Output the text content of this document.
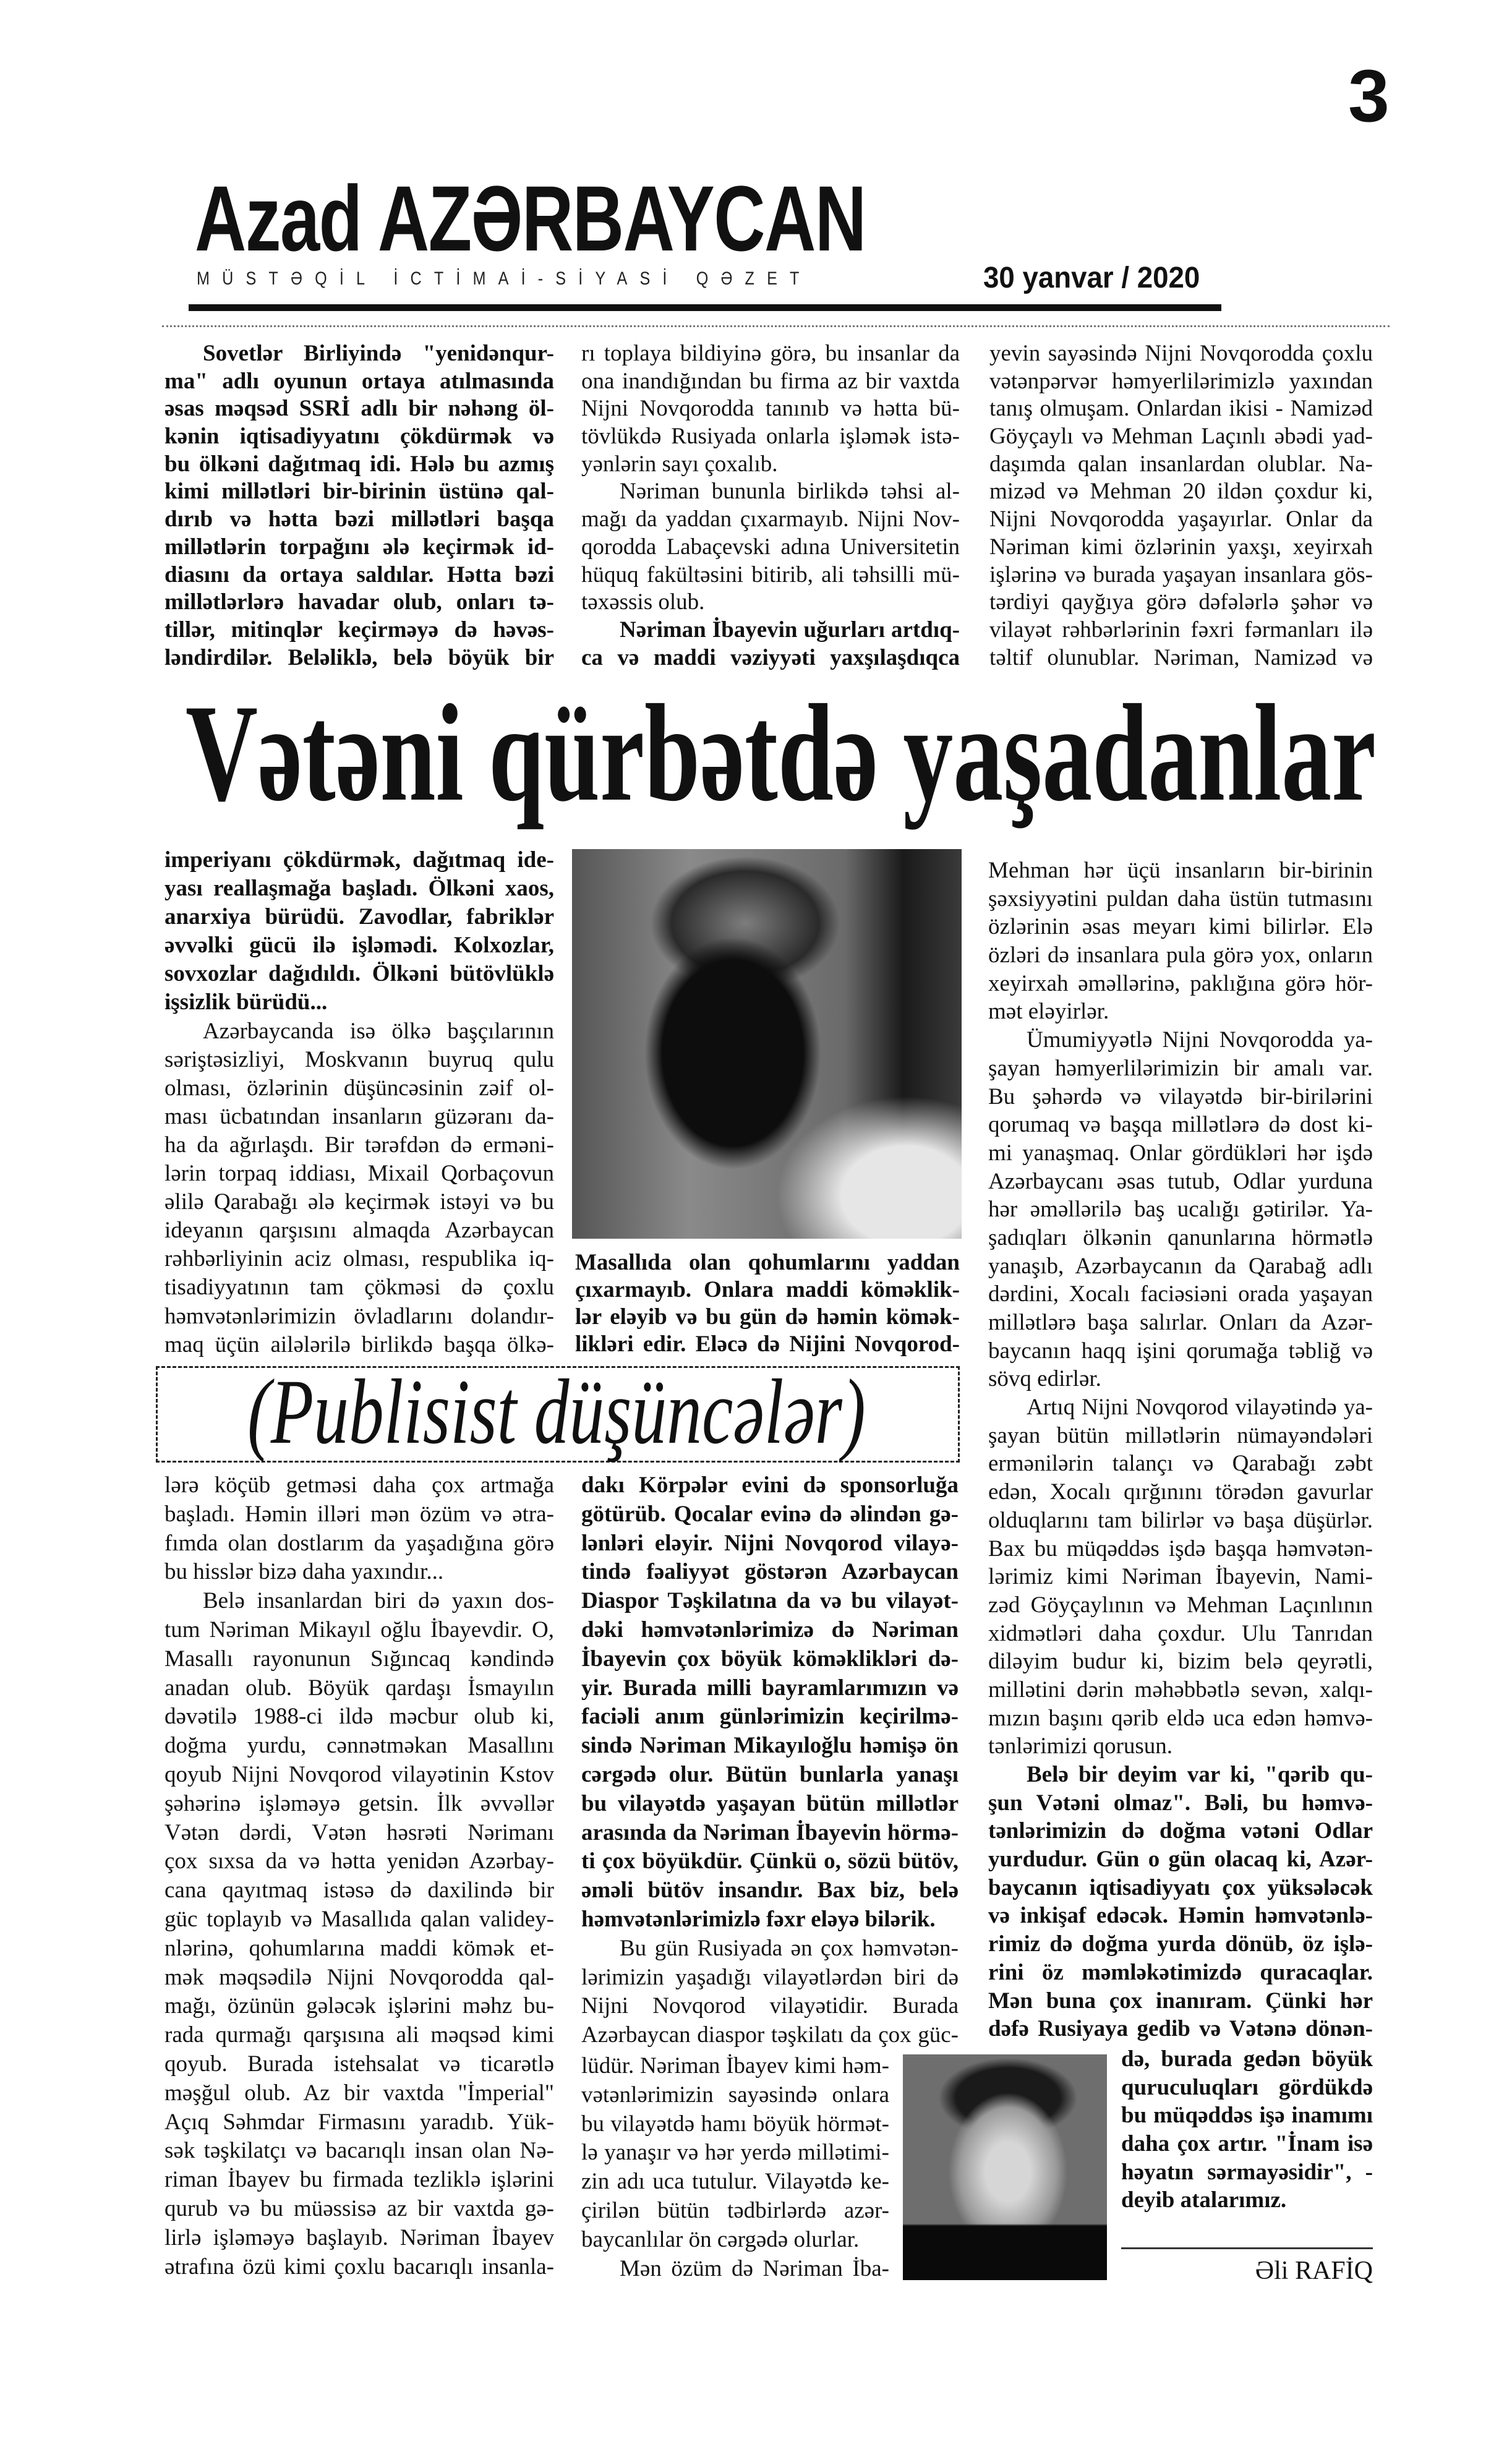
3
Azad AZƏRBAYCAN
MÜSTƏQİL İCTİMAİ-SİYASİ QƏZET	30 yanvar / 2020
Sovetlər Birliyində "yenidənqur-
ma" adlı oyunun ortaya atılmasında
əsas məqsəd SSRİ adlı bir nəhəng öl-
kənin iqtisadiyyatını çökdürmək və
bu ölkəni dağıtmaq idi. Hələ bu azmış
kimi millətləri bir-birinin üstünə qal-
dırıb və hətta bəzi millətləri başqa
millətlərin torpağını ələ keçirmək id-
diasını da ortaya saldılar. Hətta bəzi
millətlərlərə havadar olub, onları tə-
tillər, mitinqlər keçirməyə də həvəs-
ləndirdilər. Beləliklə, belə böyük bir
rı toplaya bildiyinə görə, bu insanlar da
ona inandığından bu firma az bir vaxtda
Nijni Novqorodda tanınıb və hətta bü-
tövlükdə Rusiyada onlarla işləmək istə-
yənlərin sayı çoxalıb.
Nəriman bununla birlikdə təhsi al-
mağı da yaddan çıxarmayıb. Nijni Nov-
qorodda Labaçevski adına Universitetin
hüquq fakültəsini bitirib, ali təhsilli mü-
təxəssis olub.
Nəriman İbayevin uğurları artdıq-
ca və maddi vəziyyəti yaxşılaşdıqca
yevin sayəsində Nijni Novqorodda çoxlu
vətənpərvər həmyerlilərimizlə yaxından
tanış olmuşam. Onlardan ikisi - Namizəd
Göyçaylı və Mehman Laçınlı əbədi yad-
daşımda qalan insanlardan olublar. Na-
mizəd və Mehman 20 ildən çoxdur ki,
Nijni Novqorodda yaşayırlar. Onlar da
Nəriman kimi özlərinin yaxşı, xeyirxah
işlərinə və burada yaşayan insanlara gös-
tərdiyi qayğıya görə dəfələrlə şəhər və
vilayət rəhbərlərinin fəxri fərmanları ilə
təltif olunublar. Nəriman, Namizəd və
Vətəni qürbətdə yaşadanlar
imperiyanı çökdürmək, dağıtmaq ide-
yası reallaşmağa başladı. Ölkəni xaos,
anarxiya bürüdü. Zavodlar, fabriklər
əvvəlki gücü ilə işləmədi. Kolxozlar,
sovxozlar dağıdıldı. Ölkəni bütövlüklə
işsizlik bürüdü...
Azərbaycanda isə ölkə başçılarının
səriştəsizliyi, Moskvanın buyruq qulu
olması, özlərinin düşüncəsinin zəif ol-
ması ücbatından insanların güzəranı da-
ha da ağırlaşdı. Bir tərəfdən də erməni-
lərin torpaq iddiası, Mixail Qorbaçovun
əlilə Qarabağı ələ keçirmək istəyi və bu
ideyanın qarşısını almaqda Azərbaycan
rəhbərliyinin aciz olması, respublika iq-
tisadiyyatının tam çökməsi də çoxlu
həmvətənlərimizin övladlarını dolandır-
maq üçün ailələrilə birlikdə başqa ölkə-
Masallıda olan qohumlarını yaddan
çıxarmayıb. Onlara maddi köməklik-
lər eləyib və bu gün də həmin kömək-
likləri edir. Eləcə də Nijini Novqorod-
Mehman hər üçü insanların bir-birinin
şəxsiyyətini puldan daha üstün tutmasını
özlərinin əsas meyarı kimi bilirlər. Elə
özləri də insanlara pula görə yox, onların
xeyirxah əməllərinə, paklığına görə hör-
mət eləyirlər.
Ümumiyyətlə Nijni Novqorodda ya-
şayan həmyerlilərimizin bir amalı var.
Bu şəhərdə və vilayətdə bir-birilərini
qorumaq və başqa millətlərə də dost ki-
mi yanaşmaq. Onlar gördükləri hər işdə
Azərbaycanı əsas tutub, Odlar yurduna
hər əməllərilə baş ucalığı gətirilər. Ya-
şadıqları ölkənin qanunlarına hörmətlə
yanaşıb, Azərbaycanın da Qarabağ adlı
dərdini, Xocalı faciəsiəni orada yaşayan
millətlərə başa salırlar. Onları da Azər-
baycanın haqq işini qorumağa təbliğ və
sövq edirlər.
Artıq Nijni Novqorod vilayətində ya-
şayan bütün millətlərin nümayəndələri
ermənilərin talançı və Qarabağı zəbt
edən, Xocalı qırğınını törədən gavurlar
olduqlarını tam bilirlər və başa düşürlər.
Bax bu müqəddəs işdə başqa həmvətən-
lərimiz kimi Nəriman İbayevin, Nami-
zəd Göyçaylının və Mehman Laçınlının
xidmətləri daha çoxdur. Ulu Tanrıdan
diləyim budur ki, bizim belə qeyrətli,
millətini dərin məhəbbətlə sevən, xalqı-
mızın başını qərib eldə uca edən həmvə-
tənlərimizi qorusun.
Belə bir deyim var ki, "qərib qu-
şun Vətəni olmaz". Bəli, bu həmvə-
tənlərimizin də doğma vətəni Odlar
yurdudur. Gün o gün olacaq ki, Azər-
baycanın iqtisadiyyatı çox yüksələcək
və inkişaf edəcək. Həmin həmvətənlə-
rimiz də doğma yurda dönüb, öz işlə-
rini öz məmləkətimizdə quracaqlar.
Mən buna çox inanıram. Çünki hər
dəfə Rusiyaya gedib və Vətənə dönən-
də, burada gedən böyük
quruculuqları gördükdə
bu müqəddəs işə inamımı
daha çox artır. "İnam isə
həyatın sərmayəsidir", -
deyib atalarımız.
(Publisist düşüncələr)
lərə köçüb getməsi daha çox artmağa
başladı. Həmin illəri mən özüm və ətra-
fımda olan dostlarım da yaşadığına görə
bu hisslər bizə daha yaxındır...
Belə insanlardan biri də yaxın dos-
tum Nəriman Mikayıl oğlu İbayevdir. O,
Masallı rayonunun Sığıncaq kəndində
anadan olub. Böyük qardaşı İsmayılın
dəvətilə 1988-ci ildə məcbur olub ki,
doğma yurdu, cənnətməkan Masallını
qoyub Nijni Novqorod vilayətinin Kstov
şəhərinə işləməyə getsin. İlk əvvəllər
Vətən dərdi, Vətən həsrəti Nərimanı
çox sıxsa da və hətta yenidən Azərbay-
cana qayıtmaq istəsə də daxilində bir
güc toplayıb və Masallıda qalan validey-
nlərinə, qohumlarına maddi kömək et-
mək məqsədilə Nijni Novqorodda qal-
mağı, özünün gələcək işlərini məhz bu-
rada qurmağı qarşısına ali məqsəd kimi
qoyub. Burada istehsalat və ticarətlə
məşğul olub. Az bir vaxtda "İmperial"
Açıq Səhmdar Firmasını yaradıb. Yük-
sək təşkilatçı və bacarıqlı insan olan Nə-
riman İbayev bu firmada tezliklə işlərini
qurub və bu müəssisə az bir vaxtda gə-
lirlə işləməyə başlayıb. Nəriman İbayev
ətrafına özü kimi çoxlu bacarıqlı insanla-
dakı Körpələr evini də sponsorluğa
götürüb. Qocalar evinə də əlindən gə-
lənləri eləyir. Nijni Novqorod vilayə-
tində fəaliyyət göstərən Azərbaycan
Diaspor Təşkilatına da və bu vilayət-
dəki həmvətənlərimizə də Nəriman
İbayevin çox böyük köməklikləri də-
yir. Burada milli bayramlarımızın və
faciəli anım günlərimizin keçirilmə-
sində Nəriman Mikayıloğlu həmişə ön
cərgədə olur. Bütün bunlarla yanaşı
bu vilayətdə yaşayan bütün millətlər
arasında da Nəriman İbayevin hörmə-
ti çox böyükdür. Çünkü o, sözü bütöv,
əməli bütöv insandır. Bax biz, belə
həmvətənlərimizlə fəxr eləyə bilərik.
Bu gün Rusiyada ən çox həmvətən-
lərimizin yaşadığı vilayətlərdən biri də
Nijni Novqorod vilayətidir. Burada
Azərbaycan diaspor təşkilatı da çox güc-
lüdür. Nəriman İbayev kimi həm-
vətənlərimizin sayəsində onlara
bu vilayətdə hamı böyük hörmət-
lə yanaşır və hər yerdə millətimi-
zin adı uca tutulur. Vilayətdə ke-
çirilən bütün tədbirlərdə azər-
baycanlılar ön cərgədə olurlar.
Mən özüm də Nəriman İba-	Əli RAFİQ
